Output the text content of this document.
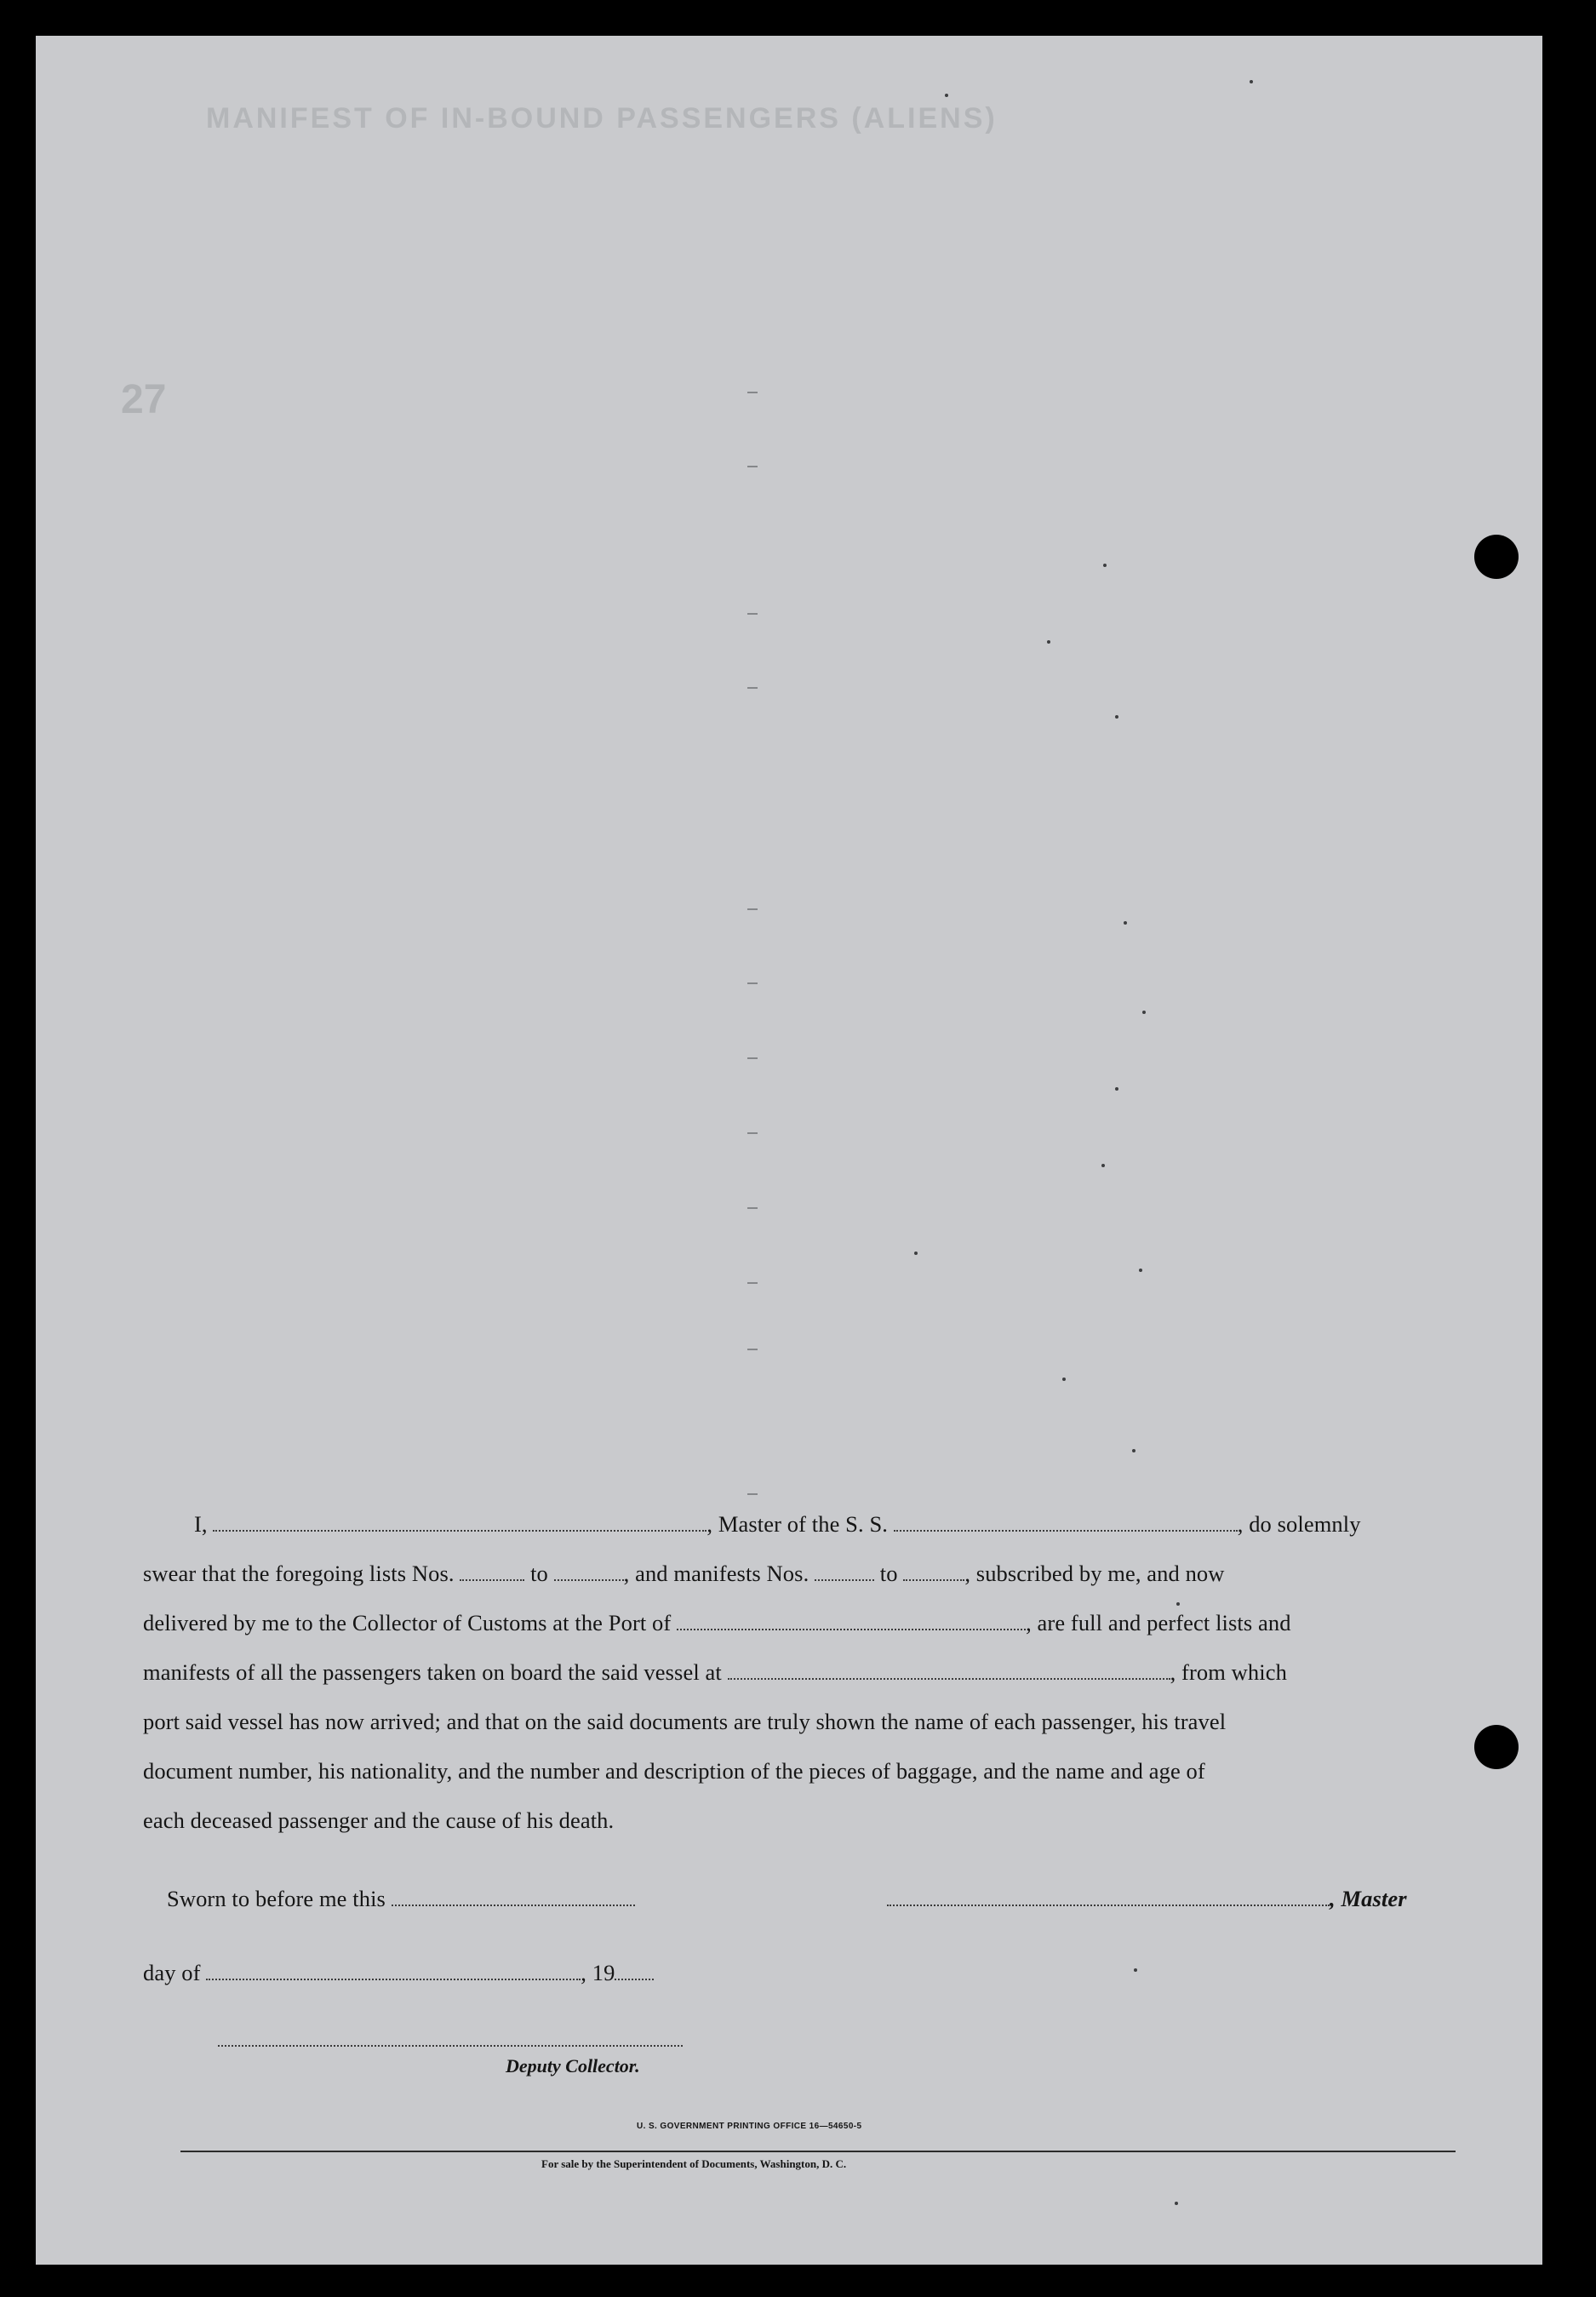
MANIFEST OF IN-BOUND PASSENGERS (ALIENS)
27
I,	, Master of the S. S.	, do solemnly
swear that the foregoing lists Nos.	to	, and manifests Nos.	to	, subscribed by me, and now
delivered by me to the Collector of Customs at the Port of	, are full and perfect lists and
manifests of all the passengers taken on board the said vessel at	, from which
port said vessel has now arrived; and that on the said documents are truly shown the name of each passenger, his travel
document number, his nationality, and the number and description of the pieces of baggage, and the name and age of
each deceased passenger and the cause of his death.
Sworn to before me this	, Master
day of	, 19
Deputy Collector.
U. S. GOVERNMENT PRINTING OFFICE 16—54650-5
For sale by the Superintendent of Documents, Washington, D. C.
